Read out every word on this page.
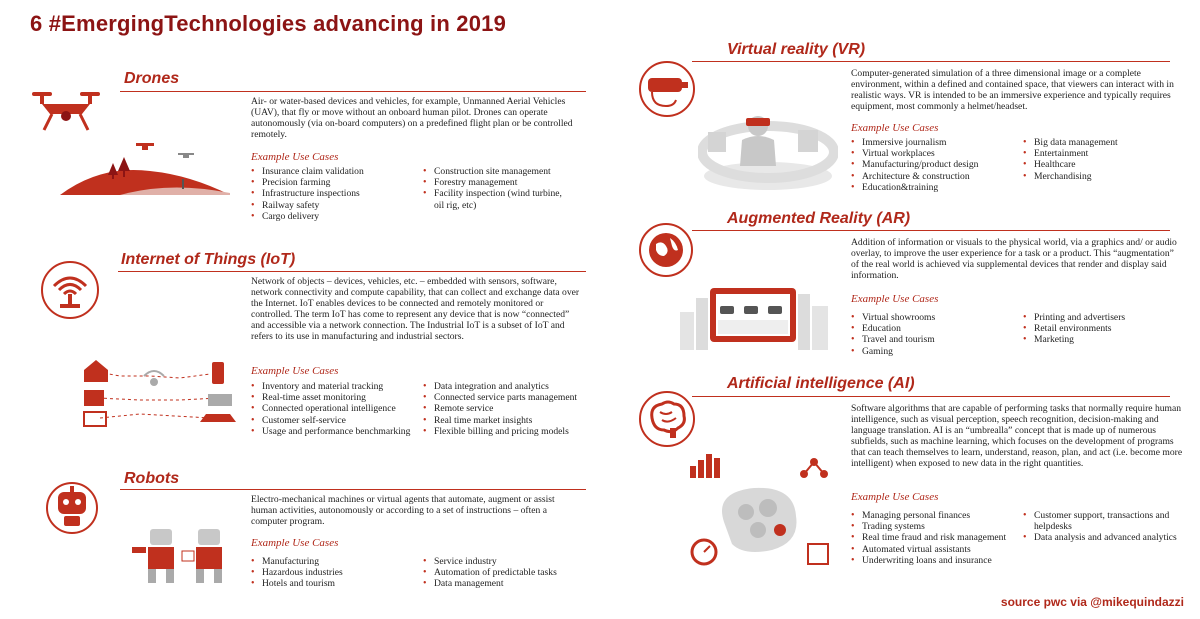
6 #EmergingTechnologies advancing in 2019
Drones
Air- or water-based devices and vehicles, for example, Unmanned Aerial Vehicles (UAV), that fly or move without an onboard human pilot. Drones can operate autonomously (via on-board computers) on a predefined flight plan or be controlled remotely.
Example Use Cases
• Insurance claim validation
• Precision farming
• Infrastructure inspections
• Railway safety
• Cargo delivery
• Construction site management
• Forestry management
• Facility inspection (wind turbine, oil rig, etc)
Internet of Things (IoT)
Network of objects – devices, vehicles, etc. – embedded with sensors, software, network connectivity and compute capability, that can collect and exchange data over the Internet. IoT enables devices to be connected and remotely monitored or controlled. The term IoT has come to represent any device that is now “connected” and accessible via a network connection. The Industrial IoT is a subset of IoT and refers to its use in manufacturing and industrial sectors.
Example Use Cases
• Inventory and material tracking
• Real-time asset monitoring
• Connected operational intelligence
• Customer self-service
• Usage and performance benchmarking
• Data integration and analytics
• Connected service parts management
• Remote service
• Real time market insights
• Flexible billing and pricing models
Robots
Electro-mechanical machines or virtual agents that automate, augment or assist human activities, autonomously or according to a set of instructions – often a computer program.
Example Use Cases
• Manufacturing
• Hazardous industries
• Hotels and tourism
• Service industry
• Automation of predictable tasks
• Data management
Virtual reality (VR)
Computer-generated simulation of a three dimensional image or a complete environment, within a defined and contained space, that viewers can interact with in realistic ways. VR is intended to be an immersive experience and typically requires equipment, most commonly a helmet/headset.
Example Use Cases
• Immersive journalism
• Virtual workplaces
• Manufacturing/product design
• Architecture & construction
• Education&training
• Big data management
• Entertainment
• Healthcare
• Merchandising
Augmented Reality (AR)
Addition of information or visuals to the physical world, via a graphics and/ or audio overlay, to improve the user experience for a task or a product. This “augmentation” of the real world is achieved via supplemental devices that render and display said information.
Example Use Cases
• Virtual showrooms
• Education
• Travel and tourism
• Gaming
• Printing and advertisers
• Retail environments
• Marketing
Artificial intelligence (AI)
Software algorithms that are capable of performing tasks that normally require human intelligence, such as visual perception, speech recognition, decision-making and language translation. AI is an “umbrealla” concept that is made up of numerous subfields, such as machine learning, which focuses on the development of programs that can teach themselves to learn, understand, reason, plan, and act (i.e. become more intelligent) when exposed to new data in the right quantities.
Example Use Cases
• Managing personal finances
• Trading systems
• Real time fraud and risk management
• Automated virtual assistants
• Underwriting loans and insurance
• Customer support, transactions and helpdesks
• Data analysis and advanced analytics
source pwc via @mikequindazzi
